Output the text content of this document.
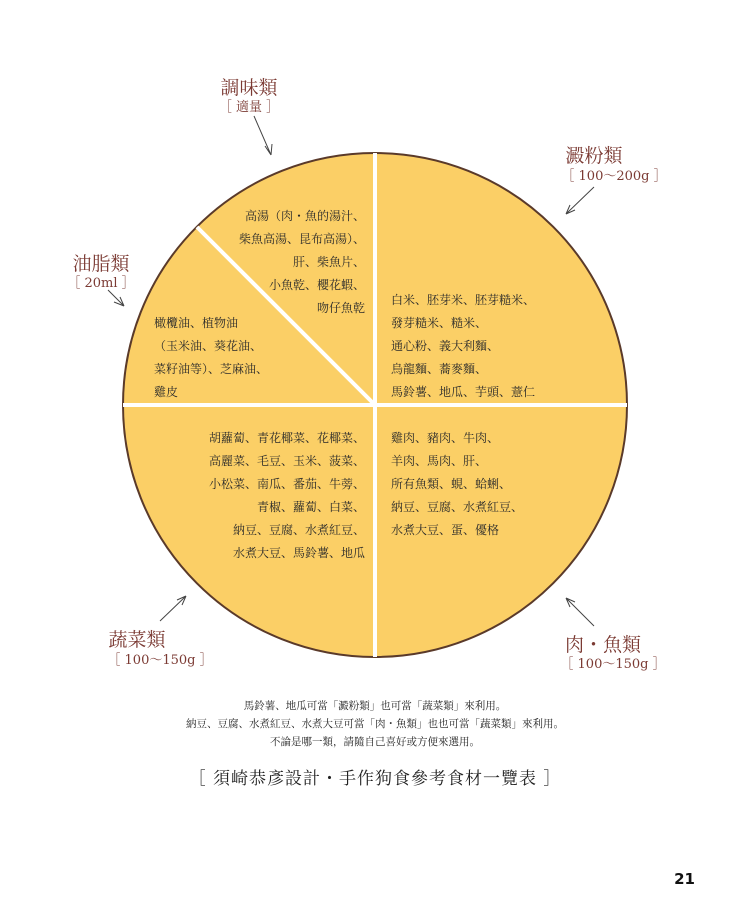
調味類
［ 適量 ］
澱粉類
［ 100〜200g ］
油脂類
［ 20ml ］
蔬菜類
［ 100〜150g ］
肉・魚類
［ 100〜150g ］
高湯（肉・魚的湯汁、
柴魚高湯、昆布高湯）、
肝、柴魚片、
小魚乾、櫻花蝦、
吻仔魚乾
白米、胚芽米、胚芽糙米、
發芽糙米、糙米、
通心粉、義大利麵、
烏龍麵、蕎麥麵、
馬鈴薯、地瓜、芋頭、薏仁
橄欖油、植物油
（玉米油、葵花油、
菜籽油等）、芝麻油、
雞皮
胡蘿蔔、青花椰菜、花椰菜、
高麗菜、毛豆、玉米、菠菜、
小松菜、南瓜、番茄、牛蒡、
青椒、蘿蔔、白菜、
納豆、豆腐、水煮紅豆、
水煮大豆、馬鈴薯、地瓜
雞肉、豬肉、牛肉、
羊肉、馬肉、肝、
所有魚類、蜆、蛤蜊、
納豆、豆腐、水煮紅豆、
水煮大豆、蛋、優格
馬鈴薯、地瓜可當「澱粉類」也可當「蔬菜類」來利用。
納豆、豆腐、水煮紅豆、水煮大豆可當「肉・魚類」也也可當「蔬菜類」來利用。
不論是哪一類，請隨自己喜好或方便來選用。
［ 須崎恭彥設計・手作狗食參考食材一覽表 ］
21
